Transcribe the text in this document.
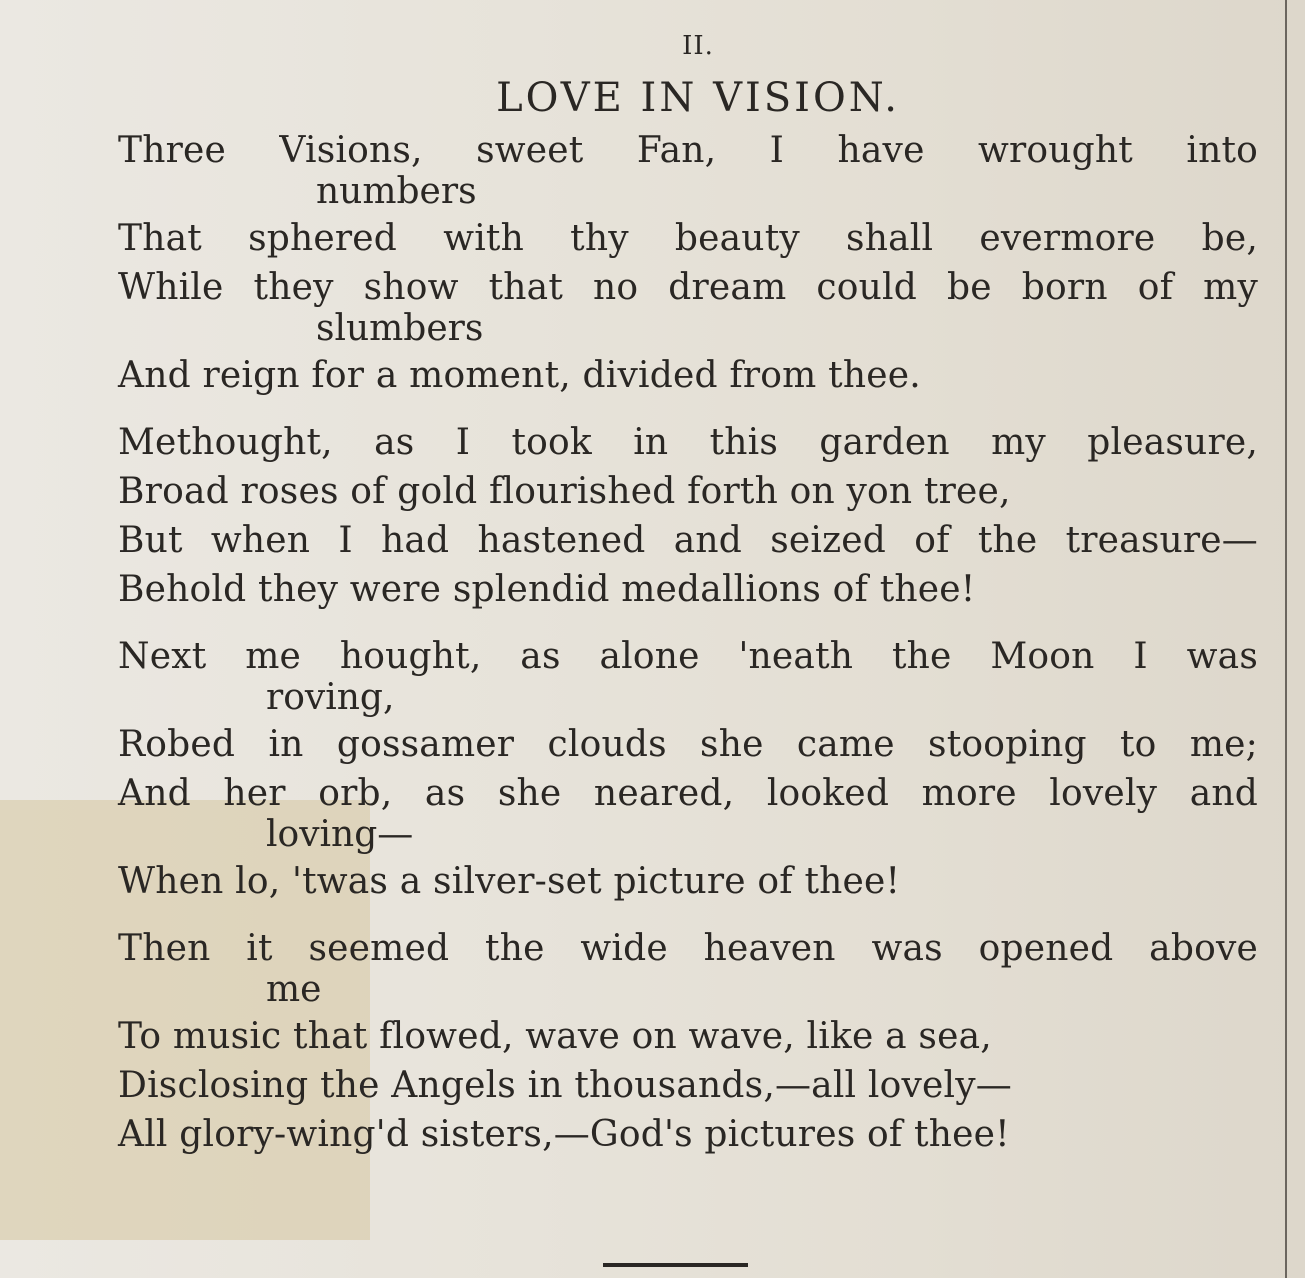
II.
LOVE IN VISION.
Three Visions, sweet Fan, I have wrought into
numbers
That sphered with thy beauty shall evermore be,
While they show that no dream could be born of my
slumbers
And reign for a moment, divided from thee.
Methought, as I took in this garden my pleasure,
Broad roses of gold flourished forth on yon tree,
But when I had hastened and seized of the treasure—
Behold they were splendid medallions of thee!
Next me hought, as alone 'neath the Moon I was
roving,
Robed in gossamer clouds she came stooping to me;
And her orb, as she neared, looked more lovely and
loving—
When lo, 'twas a silver-set picture of thee!
Then it seemed the wide heaven was opened above
me
To music that flowed, wave on wave, like a sea,
Disclosing the Angels in thousands,—all lovely—
All glory-wing'd sisters,—God's pictures of thee!
